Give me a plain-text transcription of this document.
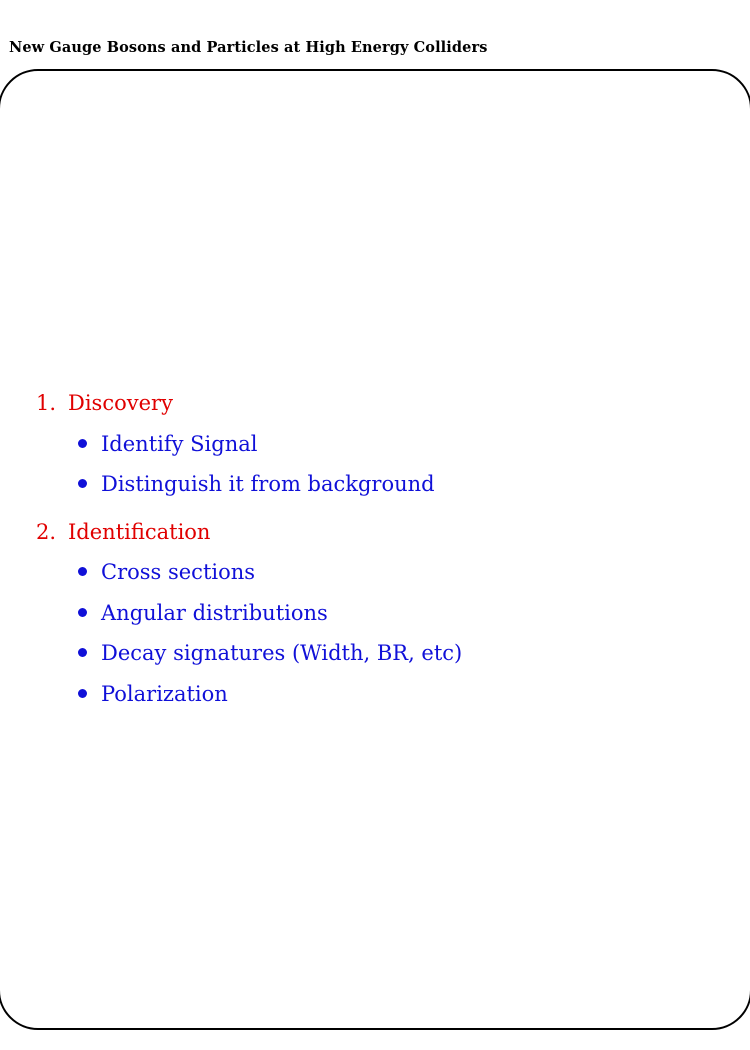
New Gauge Bosons and Particles at High Energy Colliders
1. Discovery
Identify Signal
Distinguish it from background
2. Identification
Cross sections
Angular distributions
Decay signatures (Width, BR, etc)
Polarization
